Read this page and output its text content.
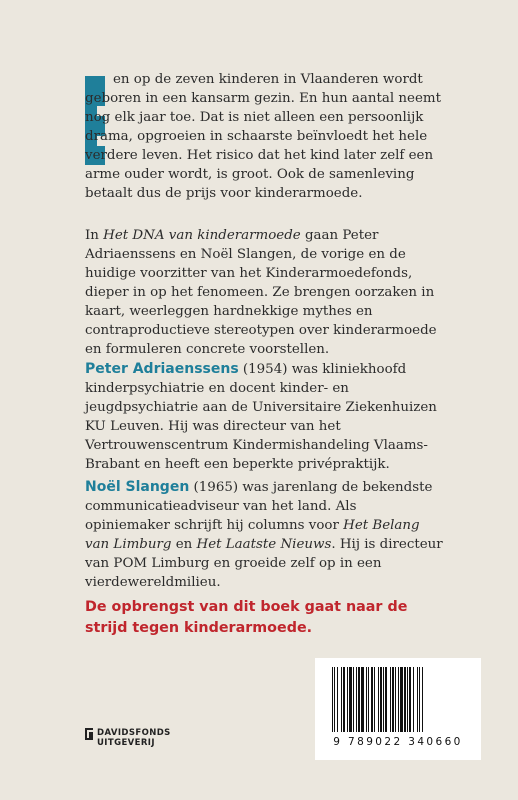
en op de zeven kinderen in Vlaanderen wordt geboren in een kansarm gezin. En hun aantal neemt nog elk jaar toe. Dat is niet alleen een persoonlijk drama, opgroeien in schaarste beïnvloedt het hele verdere leven. Het risico dat het kind later zelf een arme ouder wordt, is groot. Ook de samenleving betaalt dus de prijs voor kinderarmoede.

In Het DNA van kinderarmoede gaan Peter Adriaenssens en Noël Slangen, de vorige en de huidige voorzitter van het Kinderarmoedefonds, dieper in op het fenomeen. Ze brengen oorzaken in kaart, weerleggen hardnekkige mythes en contraproductieve stereotypen over kinderarmoede en formuleren concrete voorstellen.

Peter Adriaenssens (1954) was kliniekhoofd kinderpsychiatrie en docent kinder- en jeugdpsychiatrie aan de Universitaire Ziekenhuizen KU Leuven. Hij was directeur van het Vertrouwenscentrum Kindermishandeling Vlaams-Brabant en heeft een beperkte privépraktijk.

Noël Slangen (1965) was jarenlang de bekendste communicatieadviseur van het land. Als opiniemaker schrijft hij columns voor Het Belang van Limburg en Het Laatste Nieuws. Hij is directeur van POM Limburg en groeide zelf op in een vierdewereldmilieu.

De opbrengst van dit boek gaat naar de strijd tegen kinderarmoede.

DAVIDSFONDS
UITGEVERIJ	9 789022 340660
